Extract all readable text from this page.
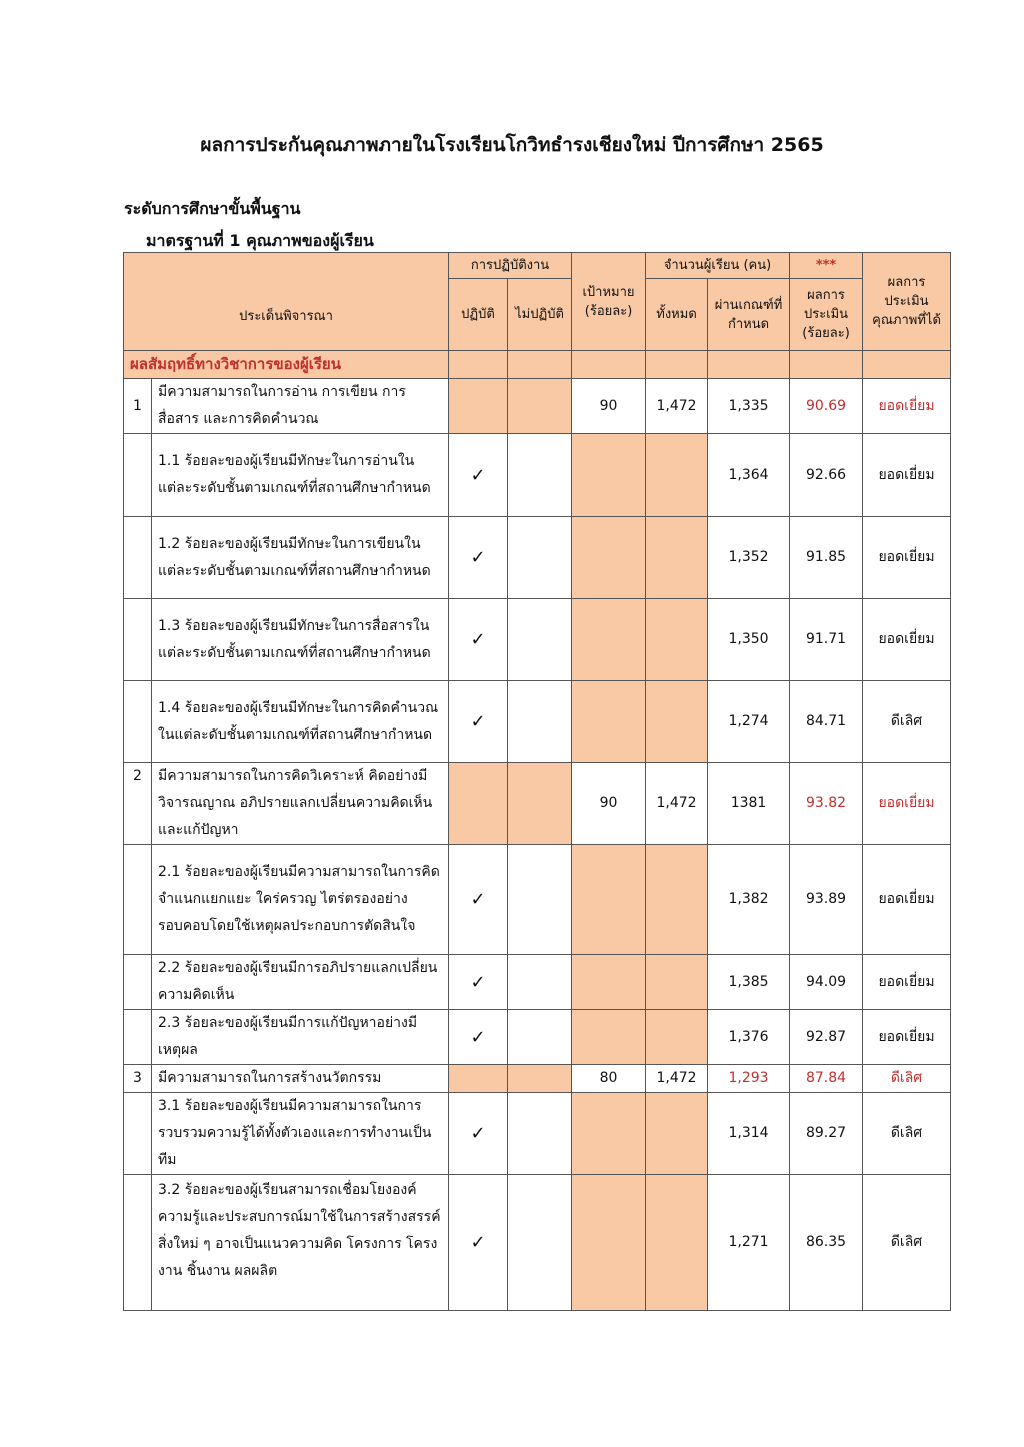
ผลการประกันคุณภาพภายในโรงเรียนโกวิทธำรงเชียงใหม่ ปีการศึกษา 2565
ระดับการศึกษาขั้นพื้นฐาน
มาตรฐานที่ 1 คุณภาพของผู้เรียน
ประเด็นพิจารณา		การปฏิบัติงาน		เป้าหมาย (ร้อยละ)	จำนวนผู้เรียน (คน)		***	ผลการประเมินคุณภาพที่ได้
		ปฏิบัติ	ไม่ปฏิบัติ		ทั้งหมด	ผ่านเกณฑ์ที่กำหนด	ผลการประเมิน (ร้อยละ)	
ผลสัมฤทธิ์ทางวิชาการของผู้เรียน								
1	มีความสามารถในการอ่าน การเขียน การสื่อสาร และการคิดคำนวณ			90	1,472	1,335	90.69	ยอดเยี่ยม
	1.1 ร้อยละของผู้เรียนมีทักษะในการอ่านในแต่ละระดับชั้นตามเกณฑ์ที่สถานศึกษากำหนด	✓				1,364	92.66	ยอดเยี่ยม
	1.2 ร้อยละของผู้เรียนมีทักษะในการเขียนในแต่ละระดับชั้นตามเกณฑ์ที่สถานศึกษากำหนด	✓				1,352	91.85	ยอดเยี่ยม
	1.3 ร้อยละของผู้เรียนมีทักษะในการสื่อสารในแต่ละระดับชั้นตามเกณฑ์ที่สถานศึกษากำหนด	✓				1,350	91.71	ยอดเยี่ยม
	1.4 ร้อยละของผู้เรียนมีทักษะในการคิดคำนวณในแต่ละดับชั้นตามเกณฑ์ที่สถานศึกษากำหนด	✓				1,274	84.71	ดีเลิศ
2	มีความสามารถในการคิดวิเคราะห์ คิดอย่างมีวิจารณญาณ อภิปรายแลกเปลี่ยนความคิดเห็นและแก้ปัญหา			90	1,472	1381	93.82	ยอดเยี่ยม
	2.1 ร้อยละของผู้เรียนมีความสามารถในการคิดจำแนกแยกแยะ ใคร่ครวญ ไตร่ตรองอย่างรอบคอบโดยใช้เหตุผลประกอบการตัดสินใจ	✓				1,382	93.89	ยอดเยี่ยม
	2.2 ร้อยละของผู้เรียนมีการอภิปรายแลกเปลี่ยนความคิดเห็น	✓				1,385	94.09	ยอดเยี่ยม
	2.3 ร้อยละของผู้เรียนมีการแก้ปัญหาอย่างมีเหตุผล	✓				1,376	92.87	ยอดเยี่ยม
3	มีความสามารถในการสร้างนวัตกรรม			80	1,472	1,293	87.84	ดีเลิศ
	3.1 ร้อยละของผู้เรียนมีความสามารถในการรวบรวมความรู้ได้ทั้งตัวเองและการทำงานเป็นทีม	✓				1,314	89.27	ดีเลิศ
	3.2 ร้อยละของผู้เรียนสามารถเชื่อมโยงองค์ความรู้และประสบการณ์มาใช้ในการสร้างสรรค์สิ่งใหม่ ๆ อาจเป็นแนวความคิด โครงการ โครงงาน ชิ้นงาน ผลผลิต	✓				1,271	86.35	ดีเลิศ
